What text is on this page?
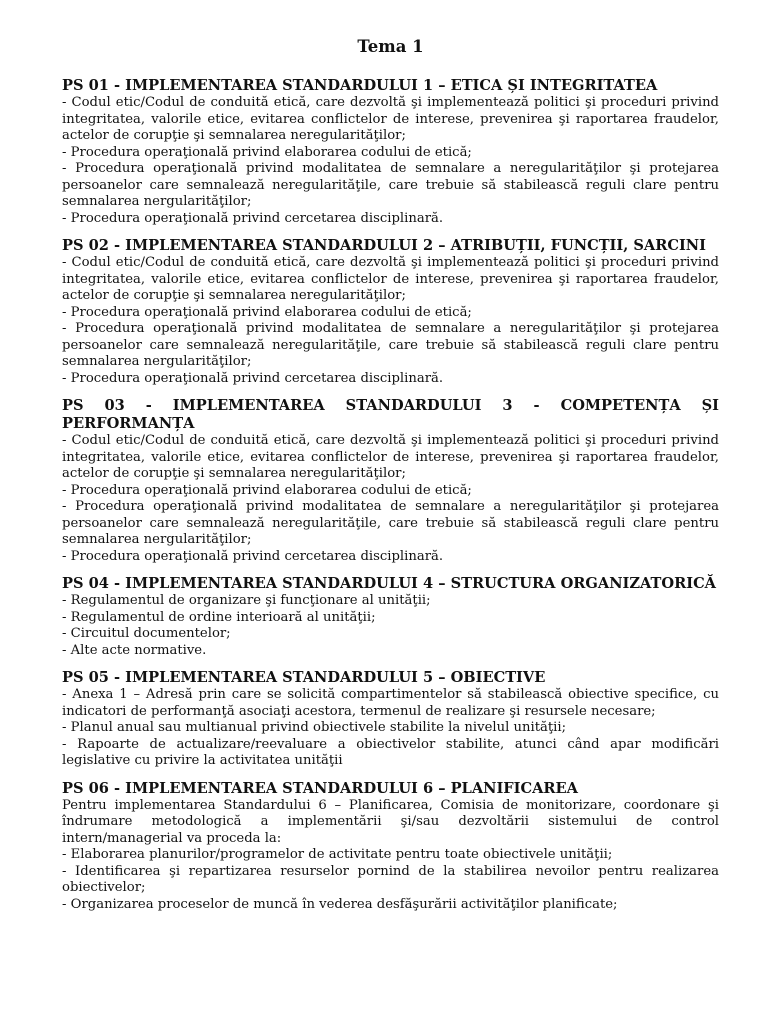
Tema 1

PS 01 - IMPLEMENTAREA STANDARDULUI 1 – ETICA ȘI INTEGRITATEA

- Codul etic/Codul de conduită etică, care dezvoltă şi implementează politici şi proceduri privind integritatea, valorile etice, evitarea conflictelor de interese, prevenirea şi raportarea fraudelor, actelor de corupţie şi semnalarea neregularităţilor;

- Procedura operaţională privind elaborarea codului de etică;

- Procedura operaţională privind modalitatea de semnalare a neregularităţilor şi protejarea persoanelor care semnalează neregularităţile, care trebuie să stabilească reguli clare pentru semnalarea nergularităţilor;

- Procedura operaţională privind cercetarea disciplinară.

PS 02 - IMPLEMENTAREA STANDARDULUI 2 – ATRIBUȚII, FUNCȚII, SARCINI

- Codul etic/Codul de conduită etică, care dezvoltă şi implementează politici şi proceduri privind integritatea, valorile etice, evitarea conflictelor de interese, prevenirea şi raportarea fraudelor, actelor de corupţie şi semnalarea neregularităţilor;

- Procedura operaţională privind elaborarea codului de etică;

- Procedura operaţională privind modalitatea de semnalare a neregularităţilor şi protejarea persoanelor care semnalează neregularităţile, care trebuie să stabilească reguli clare pentru semnalarea nergularităţilor;

- Procedura operaţională privind cercetarea disciplinară.

PS 03 - IMPLEMENTAREA STANDARDULUI 3 - COMPETENȚA ȘI PERFORMANȚA

- Codul etic/Codul de conduită etică, care dezvoltă şi implementează politici şi proceduri privind integritatea, valorile etice, evitarea conflictelor de interese, prevenirea şi raportarea fraudelor, actelor de corupţie şi semnalarea neregularităţilor;

- Procedura operaţională privind elaborarea codului de etică;

- Procedura operaţională privind modalitatea de semnalare a neregularităţilor şi protejarea persoanelor care semnalează neregularităţile, care trebuie să stabilească reguli clare pentru semnalarea nergularităţilor;

- Procedura operaţională privind cercetarea disciplinară.

PS 04 - IMPLEMENTAREA STANDARDULUI 4 – STRUCTURA ORGANIZATORICĂ

- Regulamentul de organizare şi funcţionare al unităţii;

- Regulamentul de ordine interioară al unităţii;

- Circuitul documentelor;

- Alte acte normative.

PS 05 - IMPLEMENTAREA STANDARDULUI 5 – OBIECTIVE

- Anexa 1 – Adresă prin care se solicită compartimentelor să stabilească obiective specifice, cu indicatori de performanţă asociaţi acestora, termenul de realizare şi resursele necesare;

- Planul anual sau multianual privind obiectivele stabilite la nivelul unităţii;

- Rapoarte de actualizare/reevaluare a obiectivelor stabilite, atunci când apar modificări legislative cu privire la activitatea unităţii

PS 06 - IMPLEMENTAREA STANDARDULUI 6 – PLANIFICAREA

Pentru implementarea Standardului 6 – Planificarea, Comisia de monitorizare, coordonare şi îndrumare metodologică a implementării şi/sau dezvoltării sistemului de control intern/managerial va proceda la:

- Elaborarea planurilor/programelor de activitate pentru toate obiectivele unităţii;

- Identificarea şi repartizarea resurselor pornind de la stabilirea nevoilor pentru realizarea obiectivelor;

- Organizarea proceselor de muncă în vederea desfăşurării activităţilor planificate;
